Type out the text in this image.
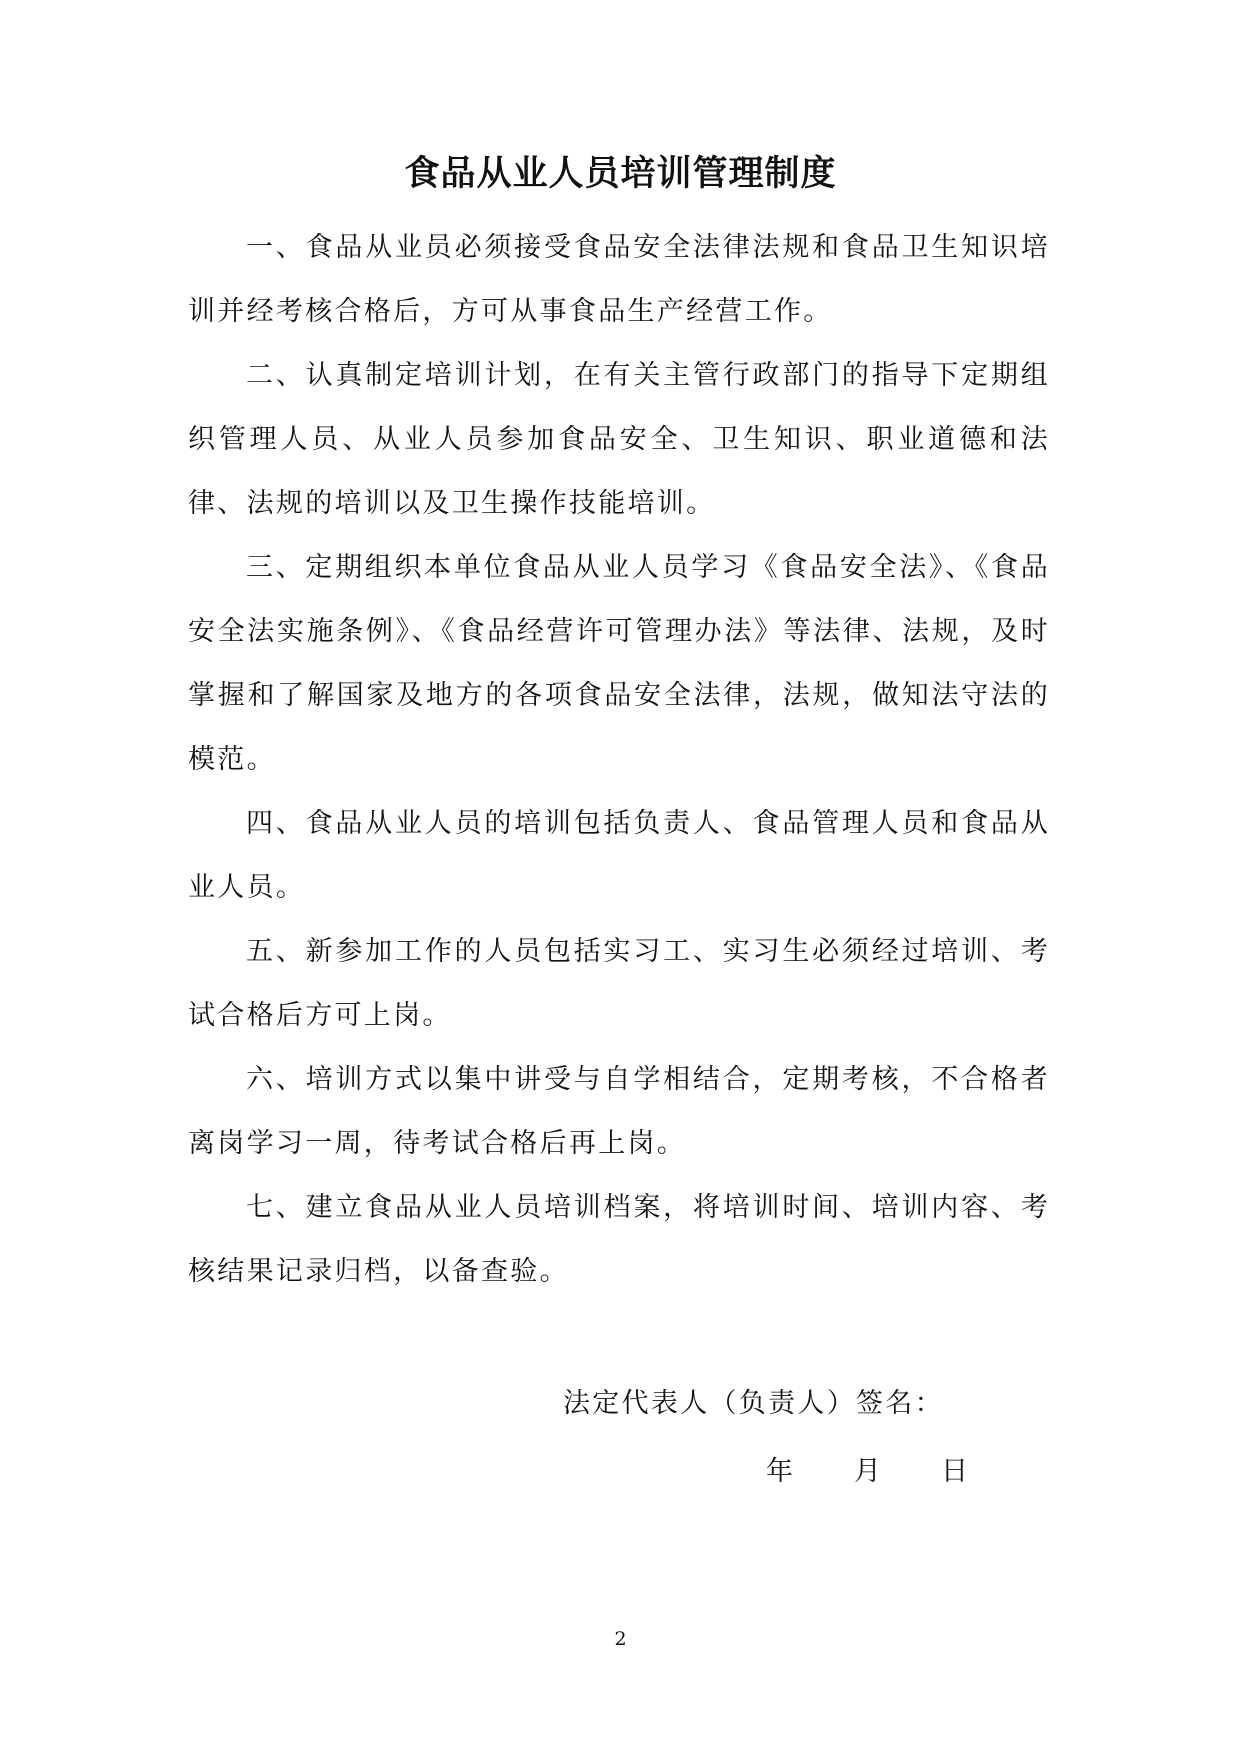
食品从业人员培训管理制度

一、食品从业员必须接受食品安全法律法规和食品卫生知识培训并经考核合格后，方可从事食品生产经营工作。

二、认真制定培训计划，在有关主管行政部门的指导下定期组织管理人员、从业人员参加食品安全、卫生知识、职业道德和法律、法规的培训以及卫生操作技能培训。

三、定期组织本单位食品从业人员学习《食品安全法》、《食品安全法实施条例》、《食品经营许可管理办法》等法律、法规，及时掌握和了解国家及地方的各项食品安全法律，法规，做知法守法的模范。

四、食品从业人员的培训包括负责人、食品管理人员和食品从业人员。

五、新参加工作的人员包括实习工、实习生必须经过培训、考试合格后方可上岗。

六、培训方式以集中讲受与自学相结合，定期考核，不合格者离岗学习一周，待考试合格后再上岗。

七、建立食品从业人员培训档案，将培训时间、培训内容、考核结果记录归档，以备查验。

法定代表人（负责人）签名：
年 月 日
2
